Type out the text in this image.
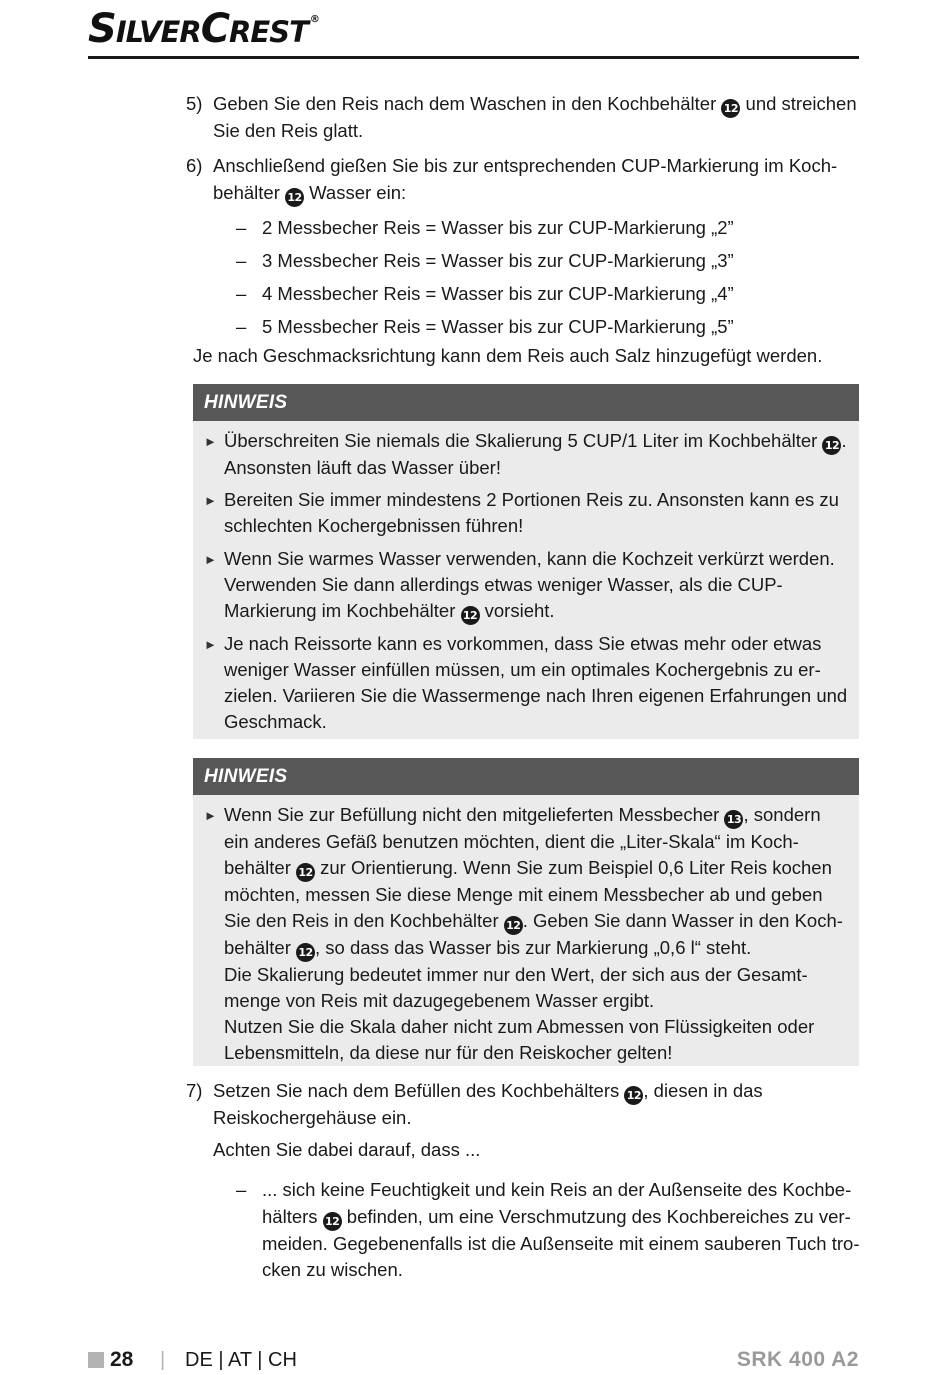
SILVERCREST ®
5) Geben Sie den Reis nach dem Waschen in den Kochbehälter 12 und streichen Sie den Reis glatt.
6) Anschließend gießen Sie bis zur entsprechenden CUP-Markierung im Kochbehälter 12 Wasser ein:
– 2 Messbecher Reis = Wasser bis zur CUP-Markierung „2”
– 3 Messbecher Reis = Wasser bis zur CUP-Markierung „3”
– 4 Messbecher Reis = Wasser bis zur CUP-Markierung „4”
– 5 Messbecher Reis = Wasser bis zur CUP-Markierung „5”
Je nach Geschmacksrichtung kann dem Reis auch Salz hinzugefügt werden.
HINWEIS
► Überschreiten Sie niemals die Skalierung 5 CUP/1 Liter im Kochbehälter 12 . Ansonsten läuft das Wasser über!
► Bereiten Sie immer mindestens 2 Portionen Reis zu. Ansonsten kann es zu schlechten Kochergebnissen führen!
► Wenn Sie warmes Wasser verwenden, kann die Kochzeit verkürzt werden. Verwenden Sie dann allerdings etwas weniger Wasser, als die CUP-Markierung im Kochbehälter 12 vorsieht.
► Je nach Reissorte kann es vorkommen, dass Sie etwas mehr oder etwas weniger Wasser einfüllen müssen, um ein optimales Kochergebnis zu erzielen. Variieren Sie die Wassermenge nach Ihren eigenen Erfahrungen und Geschmack.
HINWEIS
► Wenn Sie zur Befüllung nicht den mitgelieferten Messbecher 13 , sondern ein anderes Gefäß benutzen möchten, dient die „Liter-Skala“ im Kochbehälter 12 zur Orientierung. Wenn Sie zum Beispiel 0,6 Liter Reis kochen möchten, messen Sie diese Menge mit einem Messbecher ab und geben Sie den Reis in den Kochbehälter 12 . Geben Sie dann Wasser in den Kochbehälter 12 , so dass das Wasser bis zur Markierung „0,6 l“ steht.
Die Skalierung bedeutet immer nur den Wert, der sich aus der Gesamtmenge von Reis mit dazugegebenem Wasser ergibt.
Nutzen Sie die Skala daher nicht zum Abmessen von Flüssigkeiten oder Lebensmitteln, da diese nur für den Reiskocher gelten!
7) Setzen Sie nach dem Befüllen des Kochbehälters 12 , diesen in das Reiskochergehäuse ein.
Achten Sie dabei darauf, dass ...
– ... sich keine Feuchtigkeit und kein Reis an der Außenseite des Kochbehälters 12 befinden, um eine Verschmutzung des Kochbereiches zu vermeiden. Gegebenenfalls ist die Außenseite mit einem sauberen Tuch trocken zu wischen.
28 | DE | AT | CH	SRK 400 A2
